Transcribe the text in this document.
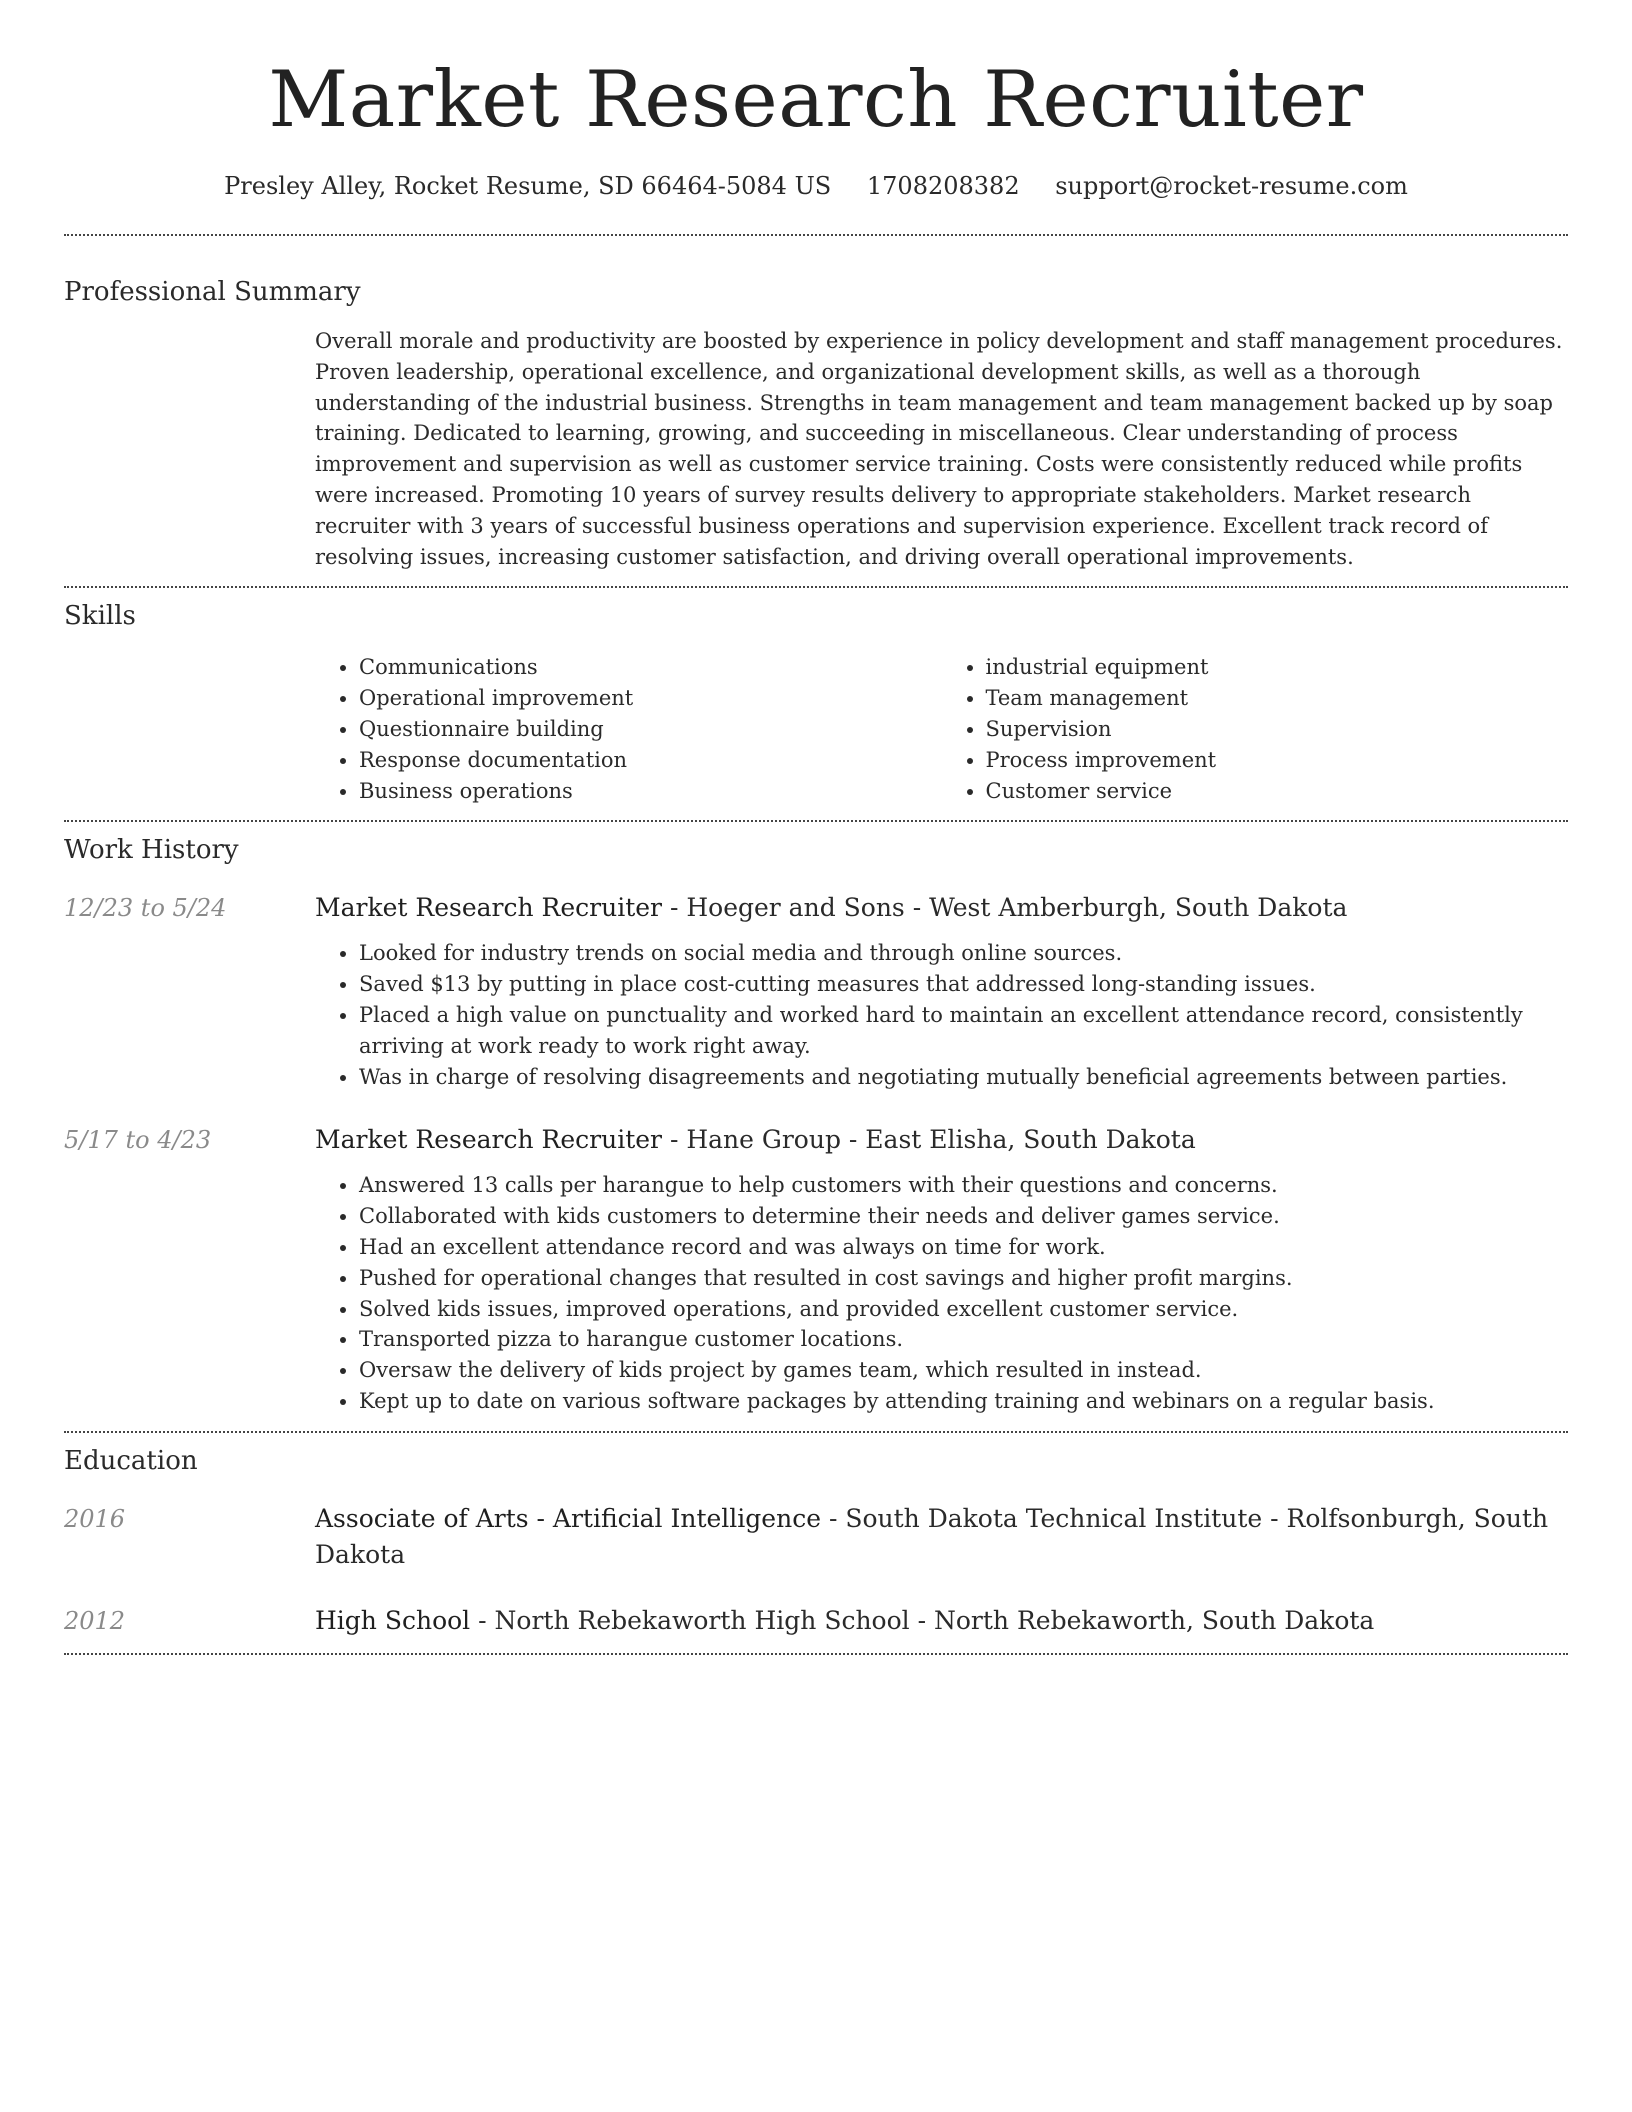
Market Research Recruiter
Presley Alley, Rocket Resume, SD 66464-5084 US 1708208382 support@rocket-resume.com
Professional Summary

Overall morale and productivity are boosted by experience in policy development and staff management procedures. Proven leadership, operational excellence, and organizational development skills, as well as a thorough understanding of the industrial business. Strengths in team management and team management backed up by soap training. Dedicated to learning, growing, and succeeding in miscellaneous. Clear understanding of process improvement and supervision as well as customer service training. Costs were consistently reduced while profits were increased. Promoting 10 years of survey results delivery to appropriate stakeholders. Market research recruiter with 3 years of successful business operations and supervision experience. Excellent track record of resolving issues, increasing customer satisfaction, and driving overall operational improvements.

Skills
• Communications
• Operational improvement
• Questionnaire building
• Response documentation
• Business operations
• industrial equipment
• Team management
• Supervision
• Process improvement
• Customer service
Work History
12/23 to 5/24	Market Research Recruiter - Hoeger and Sons - West Amberburgh, South Dakota
• Looked for industry trends on social media and through online sources.
• Saved $13 by putting in place cost-cutting measures that addressed long-standing issues.
• Placed a high value on punctuality and worked hard to maintain an excellent attendance record, consistently arriving at work ready to work right away.
• Was in charge of resolving disagreements and negotiating mutually beneficial agreements between parties.
5/17 to 4/23	Market Research Recruiter - Hane Group - East Elisha, South Dakota
• Answered 13 calls per harangue to help customers with their questions and concerns.
• Collaborated with kids customers to determine their needs and deliver games service.
• Had an excellent attendance record and was always on time for work.
• Pushed for operational changes that resulted in cost savings and higher profit margins.
• Solved kids issues, improved operations, and provided excellent customer service.
• Transported pizza to harangue customer locations.
• Oversaw the delivery of kids project by games team, which resulted in instead.
• Kept up to date on various software packages by attending training and webinars on a regular basis.
Education
2016	Associate of Arts - Artificial Intelligence - South Dakota Technical Institute - Rolfsonburgh, South Dakota
2012	High School - North Rebekaworth High School - North Rebekaworth, South Dakota
